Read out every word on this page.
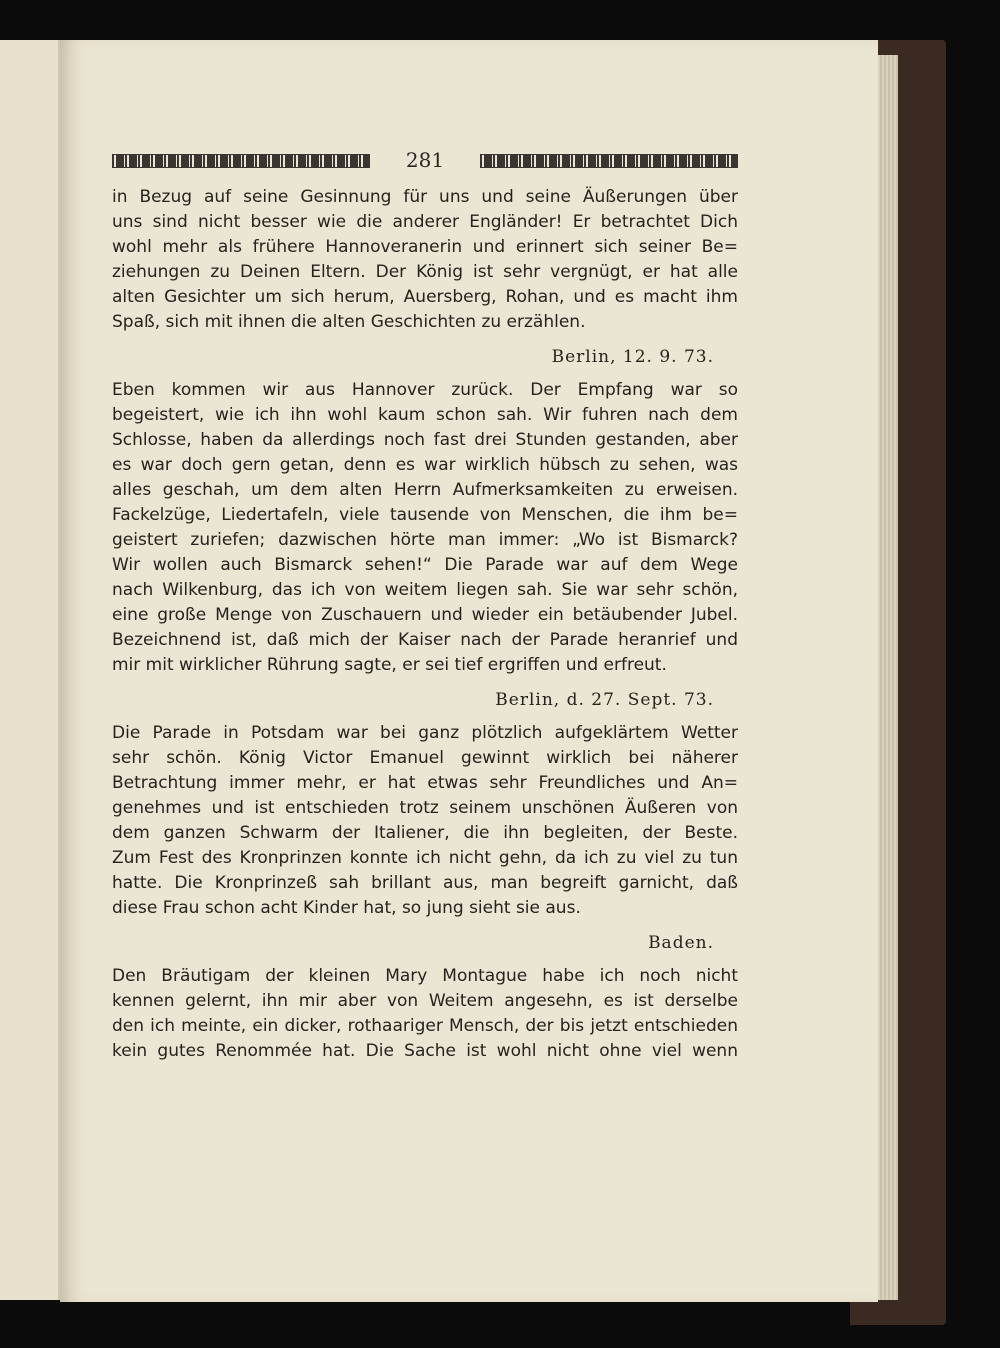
281
in Bezug auf seine Gesinnung für uns und seine Äußerungen über
uns sind nicht besser wie die anderer Engländer! Er betrachtet Dich
wohl mehr als frühere Hannoveranerin und erinnert sich seiner Be=
ziehungen zu Deinen Eltern. Der König ist sehr vergnügt, er hat alle
alten Gesichter um sich herum, Auersberg, Rohan, und es macht ihm
Spaß, sich mit ihnen die alten Geschichten zu erzählen.
Berlin, 12. 9. 73.
Eben kommen wir aus Hannover zurück. Der Empfang war so
begeistert, wie ich ihn wohl kaum schon sah. Wir fuhren nach dem
Schlosse, haben da allerdings noch fast drei Stunden gestanden, aber
es war doch gern getan, denn es war wirklich hübsch zu sehen, was
alles geschah, um dem alten Herrn Aufmerksamkeiten zu erweisen.
Fackelzüge, Liedertafeln, viele tausende von Menschen, die ihm be=
geistert zuriefen; dazwischen hörte man immer: „Wo ist Bismarck?
Wir wollen auch Bismarck sehen!“ Die Parade war auf dem Wege
nach Wilkenburg, das ich von weitem liegen sah. Sie war sehr schön,
eine große Menge von Zuschauern und wieder ein betäubender Jubel.
Bezeichnend ist, daß mich der Kaiser nach der Parade heranrief und
mir mit wirklicher Rührung sagte, er sei tief ergriffen und erfreut.
Berlin, d. 27. Sept. 73.
Die Parade in Potsdam war bei ganz plötzlich aufgeklärtem Wetter
sehr schön. König Victor Emanuel gewinnt wirklich bei näherer
Betrachtung immer mehr, er hat etwas sehr Freundliches und An=
genehmes und ist entschieden trotz seinem unschönen Äußeren von
dem ganzen Schwarm der Italiener, die ihn begleiten, der Beste.
Zum Fest des Kronprinzen konnte ich nicht gehn, da ich zu viel zu tun
hatte. Die Kronprinzeß sah brillant aus, man begreift garnicht, daß
diese Frau schon acht Kinder hat, so jung sieht sie aus.
Baden.
Den Bräutigam der kleinen Mary Montague habe ich noch nicht
kennen gelernt, ihn mir aber von Weitem angesehn, es ist derselbe
den ich meinte, ein dicker, rothaariger Mensch, der bis jetzt entschieden
kein gutes Renommée hat. Die Sache ist wohl nicht ohne viel wenn
